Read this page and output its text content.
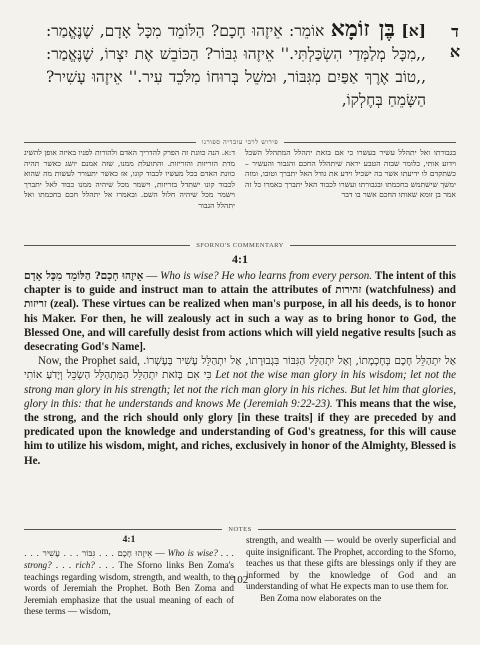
ד
א
[א] בֶּן זוֹמָא אוֹמֵר: אֵיזֶהוּ חָכָם? הַלּוֹמֵד מִכָּל אָדָם, שֶׁנֶּאֱמַר: ,,מִכָּל מְלַמְּדַי הִשְׂכַּלְתִּי.'' אֵיזֶהוּ גִבּוֹר? הַכּוֹבֵשׁ אֶת יִצְרוֹ, שֶׁנֶּאֱמַר: ,,טוֹב אֶרֶךְ אַפַּיִם מִגִּבּוֹר, וּמשֵׁל בְּרוּחוֹ מִלֹּכֵד עִיר.'' אֵיזֶהוּ עָשִׁיר? הַשָּׂמֵחַ בְּחֶלְקוֹ,
פירוש לרבי עובדיה ספורנו
ד:א. הנה כוונת זה הפרק להדריך האדם ולהורות לפניו באיזה אופן להשיג מדת הזריזות והזריזות. והתועלת ממנו, שזה אמנם יושג כאשר תהיה כוונת האדם בכל מעשיו לכבוד קונו, אז כאשר יתעורר לעשות מה שהוא לכבוד קונו ישתדל בזריזות, וישמר מכל שיהיה ממנו כבוד לאל יתברך וישמר מכל שיהיה חלול השם. ובאמרו אל יתהלל חכם בחכמתו ואל יתהלל הגבור
בגבורתו ואל יתהלל עשיר בעשרו כי אם בזאת יתהלל המתהלל השכל וידוע אותי, כלומר שבזה הטבע יראה שיתהלל החכם והגבור והעשיר – כשתקדם לו ידיעתו אשר בה ישכיל וידע את גודל האל יתברך וטובו, ומזה ימשך שישתמש בחכמתו ובגבורתו ועשרו לכבוד האל יתברך כאמרו כל זה אמר בן זומא שאותו החכם אשר בו דבר
SFORNO'S COMMENTARY
4:1

אֵיזֶהוּ חָכָם? הַלּוֹמֵד מִכָּל אָדָם — Who is wise? He who learns from every person. The intent of this chapter is to guide and instruct man to attain the attributes of זהירות (watchfulness) and זריזות (zeal). These virtues can be realized when man's purpose, in all his deeds, is to honor his Maker. For then, he will zealously act in such a way as to bring honor to God, the Blessed One, and will carefully desist from actions which will yield negative results [such as desecrating God's Name].

Now, the Prophet said, אַל יִתְהַלֵּל חָכָם בְּחָכְמָתוֹ, וְאַל יִתְהַלֵּל הַגִּבּוֹר בִּגְבוּרָתוֹ, אַל יִתְהַלֵּל עָשִׁיר בְּעָשְׁרוֹ. כִּי אִם בְּזֹאת יִתְהַלֵּל הַמִּתְהַלֵּל הַשְׂכֵּל וְיָדֹעַ אוֹתִי Let not the wise man glory in his wisdom; let not the strong man glory in his strength; let not the rich man glory in his riches. But let him that glories, glory in this: that he understands and knows Me (Jeremiah 9:22-23). This means that the wise, the strong, and the rich should only glory [in these traits] if they are preceded by and predicated upon the knowledge and understanding of God's greatness, for this will cause him to utilize his wisdom, might, and riches, exclusively in honor of the Almighty, Blessed is He.

NOTES
4:1

. . . אֵיזֶהוּ חָכָם . . . גִּבּוֹר . . . עָשִׁיר — Who is wise? . . . strong? . . . rich? . . . The Sforno links Ben Zoma's teachings regarding wisdom, strength, and wealth, to the words of Jeremiah the Prophet. Both Ben Zoma and Jeremiah emphasize that the usual meaning of each of these terms — wisdom,

strength, and wealth — would be overly superficial and quite insignificant. The Prophet, according to the Sforno, teaches us that these gifts are blessings only if they are informed by the knowledge of God and an understanding of what He expects man to use them for.

Ben Zoma now elaborates on the

102
